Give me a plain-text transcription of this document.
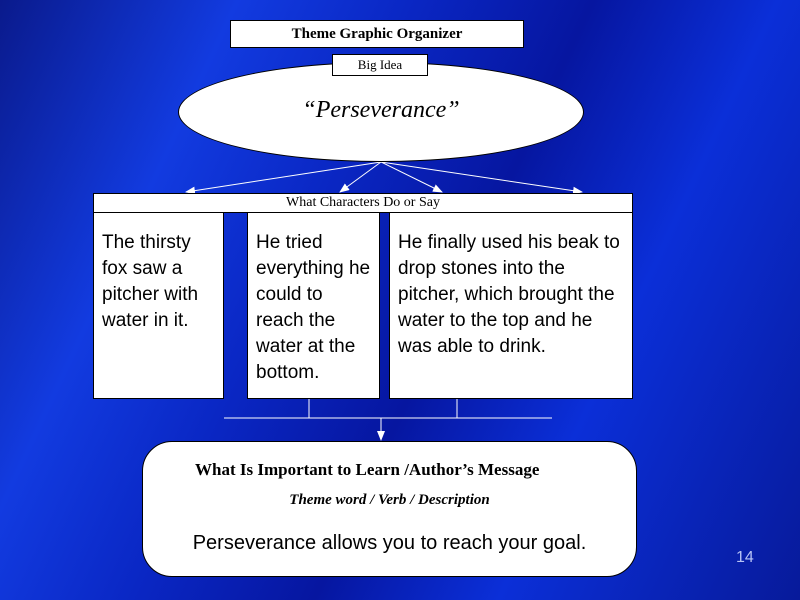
Theme Graphic Organizer
“Perseverance”
Big Idea
What Characters Do or Say
The thirsty fox saw a pitcher with water in it.
He tried everything he could to reach the water at the bottom.
He finally used his beak to drop stones into the pitcher, which brought the water to the top and he was able to drink.
What Is Important to Learn /Author’s Message
Theme word / Verb / Description
Perseverance allows you to reach your goal.
14
